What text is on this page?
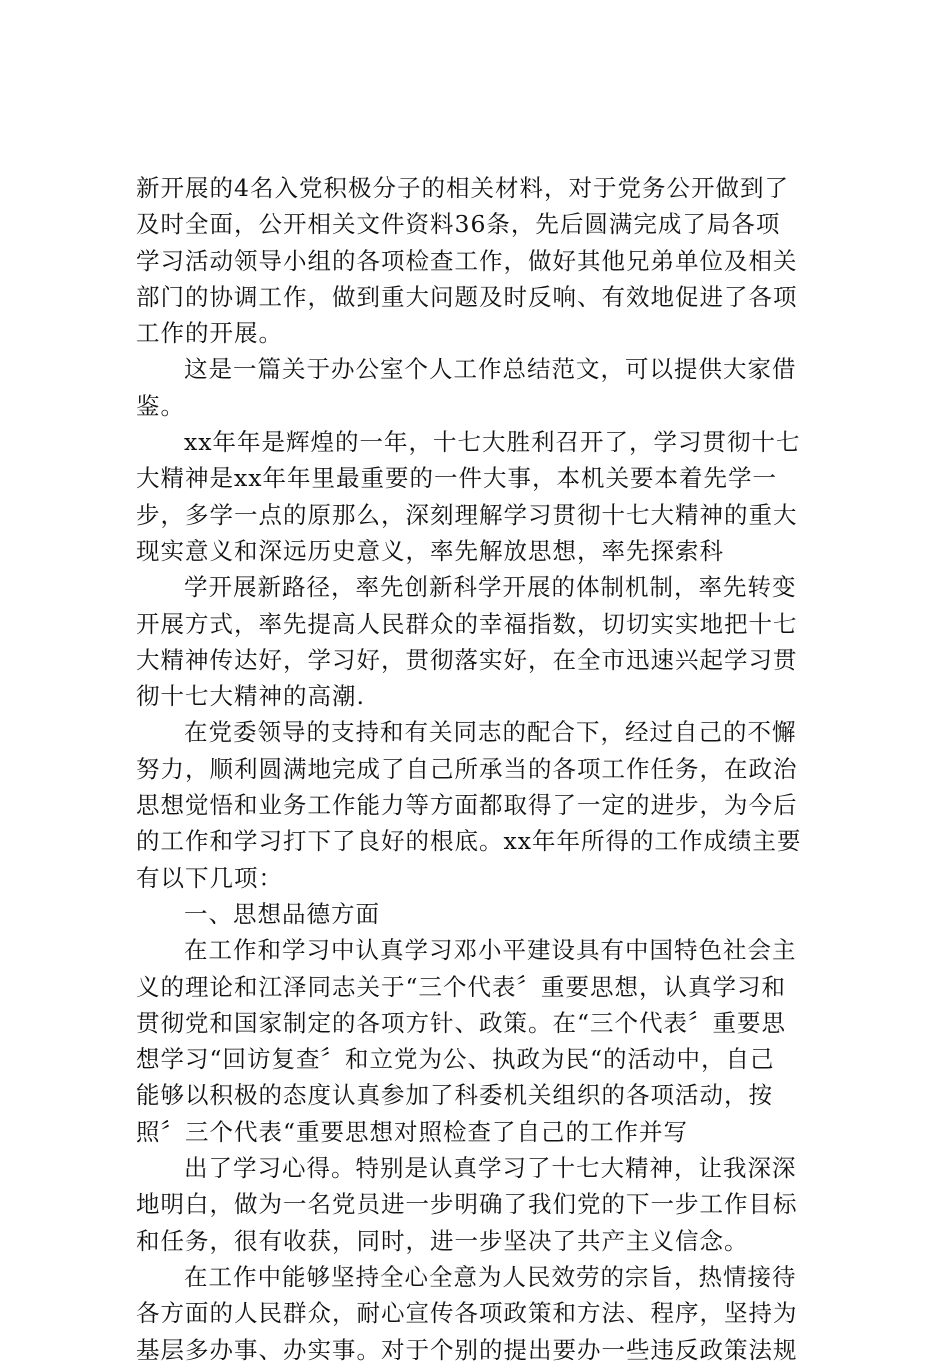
新开展的4名入党积极分子的相关材料，对于党务公开做到了
及时全面，公开相关文件资料36条，先后圆满完成了局各项
学习活动领导小组的各项检查工作，做好其他兄弟单位及相关
部门的协调工作，做到重大问题及时反响、有效地促进了各项
工作的开展。
这是一篇关于办公室个人工作总结范文，可以提供大家借
鉴。
xx年年是辉煌的一年，十七大胜利召开了，学习贯彻十七
大精神是xx年年里最重要的一件大事，本机关要本着先学一
步，多学一点的原那么，深刻理解学习贯彻十七大精神的重大
现实意义和深远历史意义，率先解放思想，率先探索科
学开展新路径，率先创新科学开展的体制机制，率先转变
开展方式，率先提高人民群众的幸福指数，切切实实地把十七
大精神传达好，学习好，贯彻落实好，在全市迅速兴起学习贯
彻十七大精神的高潮.
在党委领导的支持和有关同志的配合下，经过自己的不懈
努力，顺利圆满地完成了自己所承当的各项工作任务，在政治
思想觉悟和业务工作能力等方面都取得了一定的进步，为今后
的工作和学习打下了良好的根底。xx年年所得的工作成绩主要
有以下几项：
一、思想品德方面
在工作和学习中认真学习邓小平建设具有中国特色社会主
义的理论和江泽同志关于“三个代表〞重要思想，认真学习和
贯彻党和国家制定的各项方针、政策。在“三个代表〞重要思
想学习“回访复查〞和立党为公、执政为民“的活动中，自己
能够以积极的态度认真参加了科委机关组织的各项活动，按
照〞三个代表“重要思想对照检查了自己的工作并写
出了学习心得。特别是认真学习了十七大精神，让我深深
地明白，做为一名党员进一步明确了我们党的下一步工作目标
和任务，很有收获，同时，进一步坚决了共产主义信念。
在工作中能够坚持全心全意为人民效劳的宗旨，热情接待
各方面的人民群众，耐心宣传各项政策和方法、程序，坚持为
基层多办事、办实事。对于个别的提出要办一些违反政策法规
